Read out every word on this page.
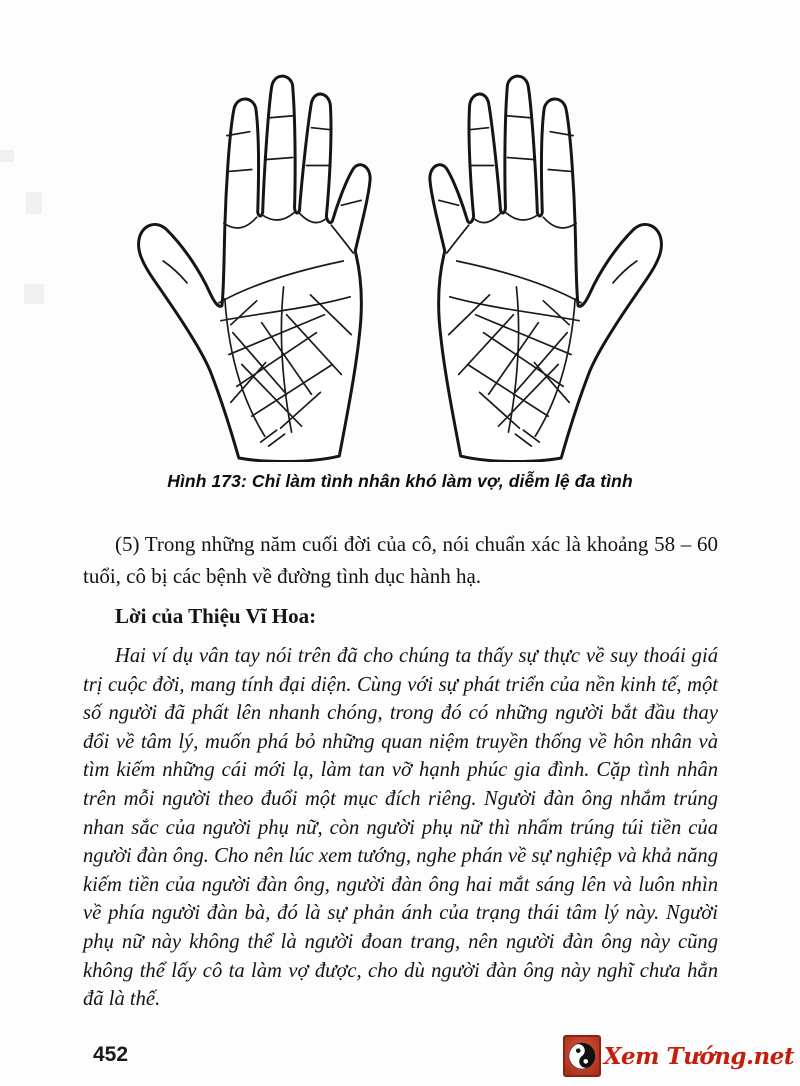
Hình 173: Chỉ làm tình nhân khó làm vợ, diễm lệ đa tình

(5) Trong những năm cuối đời của cô, nói chuẩn xác là khoảng 58 – 60 tuổi, cô bị các bệnh về đường tình dục hành hạ.

Lời của Thiệu Vĩ Hoa:

Hai ví dụ vân tay nói trên đã cho chúng ta thấy sự thực về suy thoái giá trị cuộc đời, mang tính đại diện. Cùng với sự phát triển của nền kinh tế, một số người đã phất lên nhanh chóng, trong đó có những người bắt đầu thay đổi về tâm lý, muốn phá bỏ những quan niệm truyền thống về hôn nhân và tìm kiếm những cái mới lạ, làm tan vỡ hạnh phúc gia đình. Cặp tình nhân trên mỗi người theo đuổi một mục đích riêng. Người đàn ông nhắm trúng nhan sắc của người phụ nữ, còn người phụ nữ thì nhấm trúng túi tiền của người đàn ông. Cho nên lúc xem tướng, nghe phán về sự nghiệp và khả năng kiếm tiền của người đàn ông, người đàn ông hai mắt sáng lên và luôn nhìn về phía người đàn bà, đó là sự phản ánh của trạng thái tâm lý này. Người phụ nữ này không thể là người đoan trang, nên người đàn ông này cũng không thể lấy cô ta làm vợ được, cho dù người đàn ông này nghĩ chưa hẳn đã là thế.

452	Xem Tướng.net
